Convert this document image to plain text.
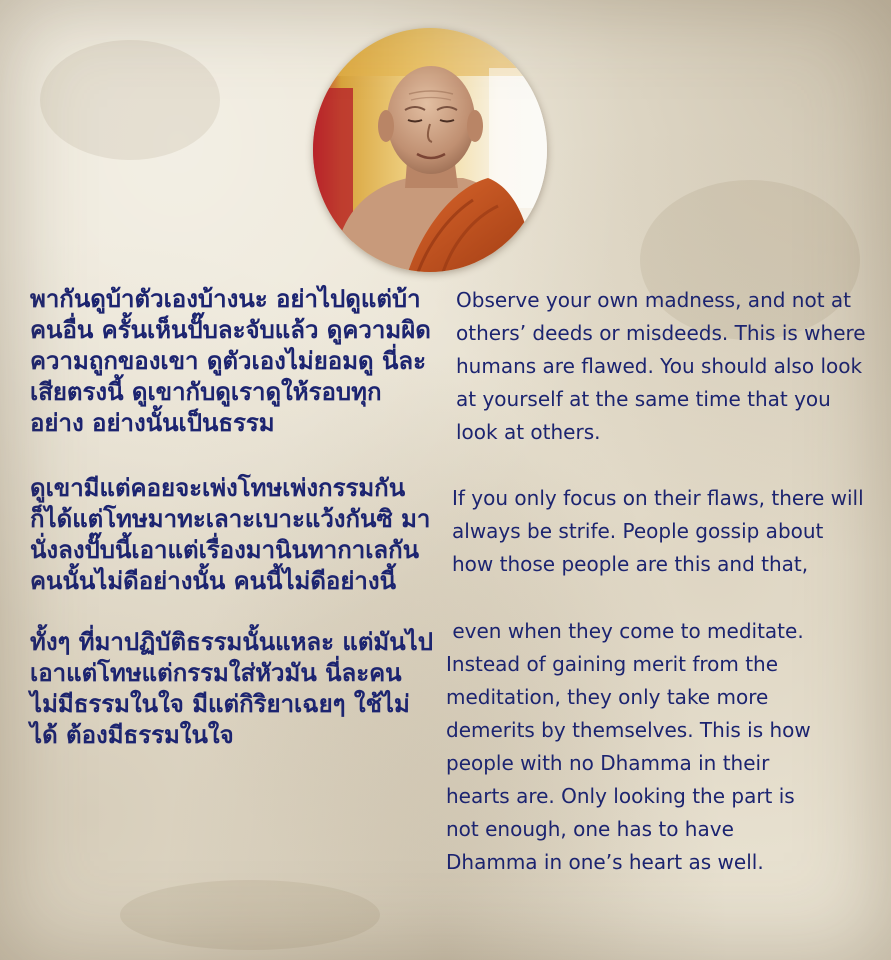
พากันดูบ้าตัวเองบ้างนะ อย่าไปดูแต่บ้าคนอื่น ครั้นเห็นปั๊บละจับแล้ว ดูความผิดความถูกของเขา ดูตัวเองไม่ยอมดู นี่ละเสียตรงนี้ ดูเขากับดูเราดูให้รอบทุกอย่าง อย่างนั้นเป็นธรรม

ดูเขามีแต่คอยจะเพ่งโทษเพ่งกรรมกัน ก็ได้แต่โทษมาทะเลาะเบาะแว้งกันซิ มานั่งลงปั๊บนี้เอาแต่เรื่องมานินทากาเลกัน คนนั้นไม่ดีอย่างนั้น คนนี้ไม่ดีอย่างนี้

ทั้งๆ ที่มาปฏิบัติธรรมนั้นแหละ แต่มันไปเอาแต่โทษแต่กรรมใส่หัวมัน นี่ละคนไม่มีธรรมในใจ มีแต่กิริยาเฉยๆ ใช้ไม่ได้ ต้องมีธรรมในใจ

Observe your own madness, and not at others’ deeds or misdeeds. This is where humans are flawed. You should also look at yourself at the same time that you look at others.

If you only focus on their flaws, there will always be strife. People gossip about how those people are this and that,

even when they come to meditate.
Instead of gaining merit from the
meditation, they only take more
demerits by themselves. This is how
people with no Dhamma in their
hearts are. Only looking the part is
not enough, one has to have
Dhamma in one’s heart as well.
